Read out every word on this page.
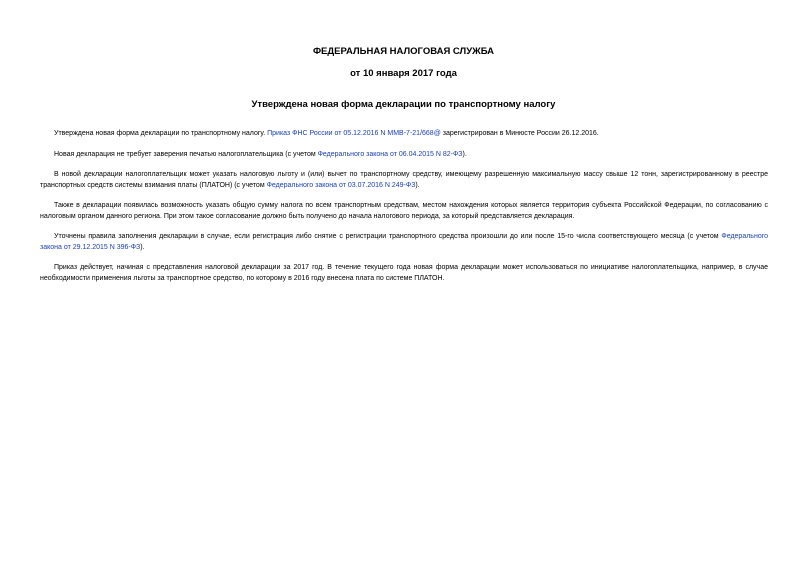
ФЕДЕРАЛЬНАЯ НАЛОГОВАЯ СЛУЖБА
от 10 января 2017 года
Утверждена новая форма декларации по транспортному налогу

Утверждена новая форма декларации по транспортному налогу. Приказ ФНС России от 05.12.2016 N ММВ-7-21/668@ зарегистрирован в Минюсте России 26.12.2016.

Новая декларация не требует заверения печатью налогоплательщика (с учетом Федерального закона от 06.04.2015 N 82-ФЗ).

В новой декларации налогоплательщик может указать налоговую льготу и (или) вычет по транспортному средству, имеющему разрешенную максимальную массу свыше 12 тонн, зарегистрированному в реестре транспортных средств системы взимания платы (ПЛАТОН) (с учетом Федерального закона от 03.07.2016 N 249-ФЗ).

Также в декларации появилась возможность указать общую сумму налога по всем транспортным средствам, местом нахождения которых является территория субъекта Российской Федерации, по согласованию с налоговым органом данного региона. При этом такое согласование должно быть получено до начала налогового периода, за который представляется декларация.

Уточнены правила заполнения декларации в случае, если регистрация либо снятие с регистрации транспортного средства произошли до или после 15-го числа соответствующего месяца (с учетом Федерального закона от 29.12.2015 N 396-ФЗ).

Приказ действует, начиная с представления налоговой декларации за 2017 год. В течение текущего года новая форма декларации может использоваться по инициативе налогоплательщика, например, в случае необходимости применения льготы за транспортное средство, по которому в 2016 году внесена плата по системе ПЛАТОН.
